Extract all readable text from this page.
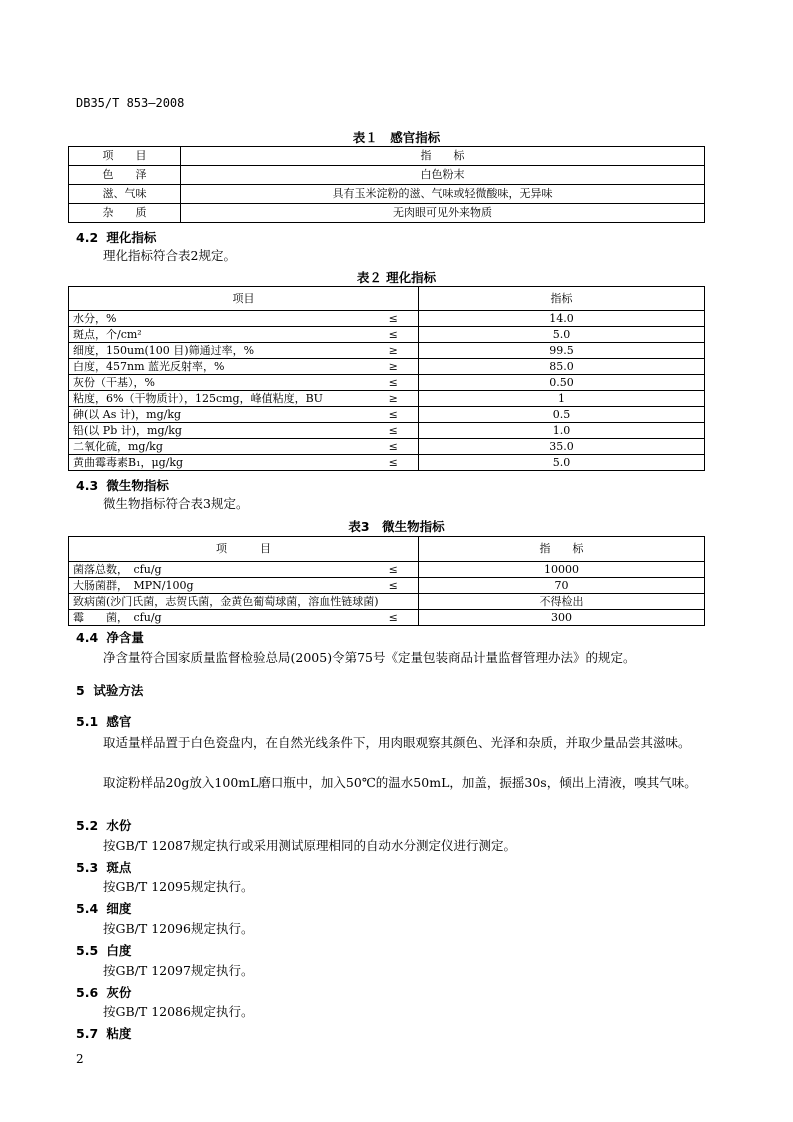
DB35/T 853—2008
表１　感官指标
项　　目	指　　标
色　　泽	白色粉末
滋、气味	具有玉米淀粉的滋、气味或轻微酸味，无异味
杂　　质	无肉眼可见外来物质
4.2 理化指标
理化指标符合表2规定。
表２ 理化指标
项目		指标
水分，%	≤	14.0
斑点，个/cm²	≤	5.0
细度，150um(100 目)筛通过率，%	≥	99.5
白度，457nm 蓝光反射率，%	≥	85.0
灰份（干基），%	≤	0.50
粘度，6%（干物质计），125cmg，峰值粘度，BU	≥	1
砷(以 As 计)，mg/kg	≤	0.5
铅(以 Pb 计)，mg/kg	≤	1.0
二氧化硫，mg/kg	≤	35.0
黄曲霉毒素B₁，μg/kg	≤	5.0
4.3 微生物指标
微生物指标符合表3规定。
表3　微生物指标
项　　　目		指　　标
菌落总数，　cfu/g	≤	10000
大肠菌群，　MPN/100g	≤	70
致病菌(沙门氏菌，志贺氏菌，金黄色葡萄球菌，溶血性链球菌)		不得检出
霉　　菌，　cfu/g	≤	300
4.4 净含量
净含量符合国家质量监督检验总局(2005)令第75号《定量包装商品计量监督管理办法》的规定。
5 试验方法
5.1 感官
取适量样品置于白色瓷盘内，在自然光线条件下，用肉眼观察其颜色、光泽和杂质，并取少量品尝其滋味。
取淀粉样品20g放入100mL磨口瓶中，加入50℃的温水50mL，加盖，振摇30s，倾出上清液，嗅其气味。
5.2 水份
按GB/T 12087规定执行或采用测试原理相同的自动水分测定仪进行测定。
5.3 斑点
按GB/T 12095规定执行。
5.4 细度
按GB/T 12096规定执行。
5.5 白度
按GB/T 12097规定执行。
5.6 灰份
按GB/T 12086规定执行。
5.7 粘度
2
